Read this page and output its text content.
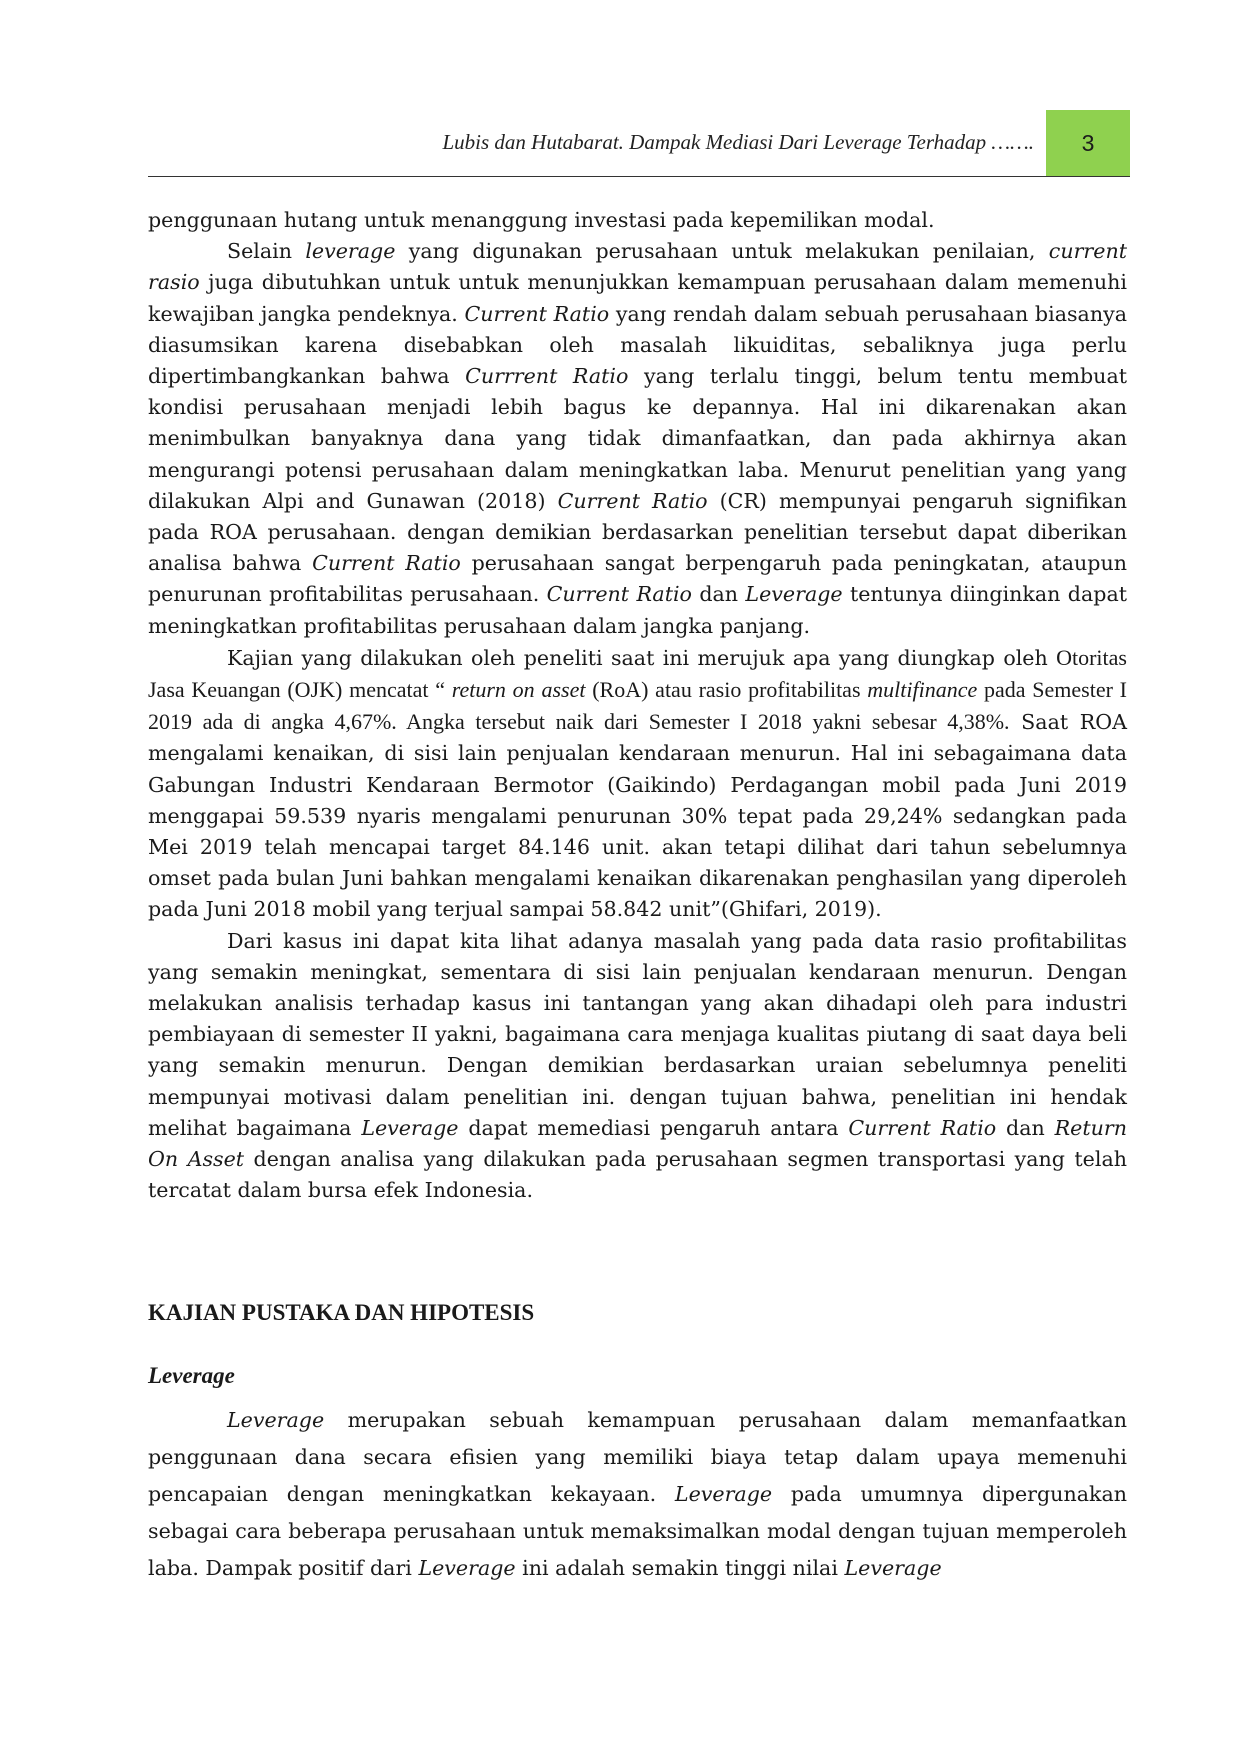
Lubis dan Hutabarat. Dampak Mediasi Dari Leverage Terhadap …….	3

penggunaan hutang untuk menanggung investasi pada kepemilikan modal.

Selain leverage yang digunakan perusahaan untuk melakukan penilaian, current rasio juga dibutuhkan untuk untuk menunjukkan kemampuan perusahaan dalam memenuhi kewajiban jangka pendeknya. Current Ratio yang rendah dalam sebuah perusahaan biasanya diasumsikan karena disebabkan oleh masalah likuiditas, sebaliknya juga perlu dipertimbangkankan bahwa Currrent Ratio yang terlalu tinggi, belum tentu membuat kondisi perusahaan menjadi lebih bagus ke depannya. Hal ini dikarenakan akan menimbulkan banyaknya dana yang tidak dimanfaatkan, dan pada akhirnya akan mengurangi potensi perusahaan dalam meningkatkan laba. Menurut penelitian yang yang dilakukan Alpi and Gunawan (2018) Current Ratio (CR) mempunyai pengaruh signifikan pada ROA perusahaan. dengan demikian berdasarkan penelitian tersebut dapat diberikan analisa bahwa Current Ratio perusahaan sangat berpengaruh pada peningkatan, ataupun penurunan profitabilitas perusahaan. Current Ratio dan Leverage tentunya diinginkan dapat meningkatkan profitabilitas perusahaan dalam jangka panjang.

Kajian yang dilakukan oleh peneliti saat ini merujuk apa yang diungkap oleh Otoritas Jasa Keuangan (OJK) mencatat “ return on asset (RoA) atau rasio profitabilitas multifinance pada Semester I 2019 ada di angka 4,67%. Angka tersebut naik dari Semester I 2018 yakni sebesar 4,38%. Saat ROA mengalami kenaikan, di sisi lain penjualan kendaraan menurun. Hal ini sebagaimana data Gabungan Industri Kendaraan Bermotor (Gaikindo) Perdagangan mobil pada Juni 2019 menggapai 59.539 nyaris mengalami penurunan 30% tepat pada 29,24% sedangkan pada Mei 2019 telah mencapai target 84.146 unit. akan tetapi dilihat dari tahun sebelumnya omset pada bulan Juni bahkan mengalami kenaikan dikarenakan penghasilan yang diperoleh pada Juni 2018 mobil yang terjual sampai 58.842 unit”(Ghifari, 2019).

Dari kasus ini dapat kita lihat adanya masalah yang pada data rasio profitabilitas yang semakin meningkat, sementara di sisi lain penjualan kendaraan menurun. Dengan melakukan analisis terhadap kasus ini tantangan yang akan dihadapi oleh para industri pembiayaan di semester II yakni, bagaimana cara menjaga kualitas piutang di saat daya beli yang semakin menurun. Dengan demikian berdasarkan uraian sebelumnya peneliti mempunyai motivasi dalam penelitian ini. dengan tujuan bahwa, penelitian ini hendak melihat bagaimana Leverage dapat memediasi pengaruh antara Current Ratio dan Return On Asset dengan analisa yang dilakukan pada perusahaan segmen transportasi yang telah tercatat dalam bursa efek Indonesia.

KAJIAN PUSTAKA DAN HIPOTESIS
Leverage

Leverage merupakan sebuah kemampuan perusahaan dalam memanfaatkan penggunaan dana secara efisien yang memiliki biaya tetap dalam upaya memenuhi pencapaian dengan meningkatkan kekayaan. Leverage pada umumnya dipergunakan sebagai cara beberapa perusahaan untuk memaksimalkan modal dengan tujuan memperoleh laba. Dampak positif dari Leverage ini adalah semakin tinggi nilai Leverage
